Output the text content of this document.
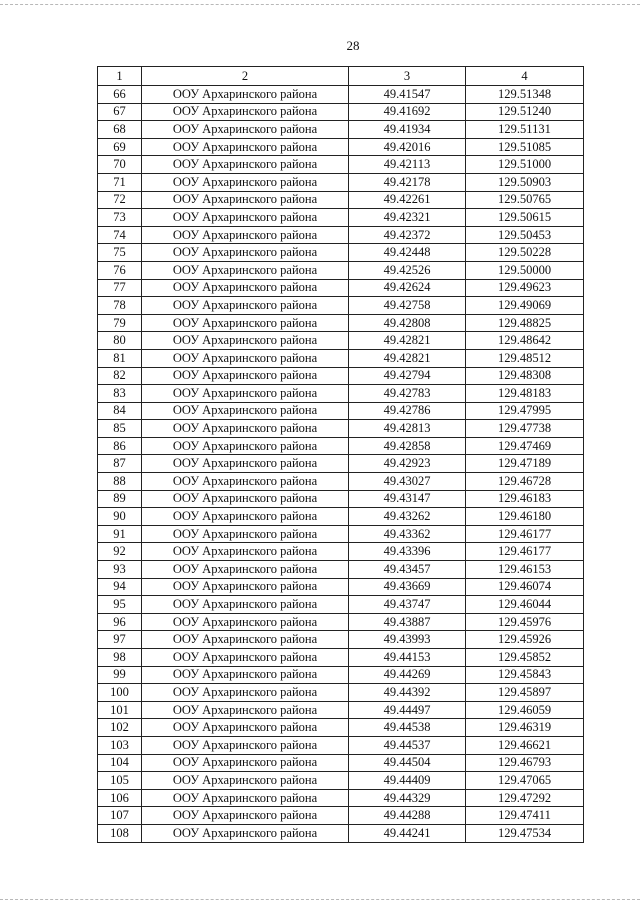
28
1	2	3	4
66	ООУ Архаринского района	49.41547	129.51348
67	ООУ Архаринского района	49.41692	129.51240
68	ООУ Архаринского района	49.41934	129.51131
69	ООУ Архаринского района	49.42016	129.51085
70	ООУ Архаринского района	49.42113	129.51000
71	ООУ Архаринского района	49.42178	129.50903
72	ООУ Архаринского района	49.42261	129.50765
73	ООУ Архаринского района	49.42321	129.50615
74	ООУ Архаринского района	49.42372	129.50453
75	ООУ Архаринского района	49.42448	129.50228
76	ООУ Архаринского района	49.42526	129.50000
77	ООУ Архаринского района	49.42624	129.49623
78	ООУ Архаринского района	49.42758	129.49069
79	ООУ Архаринского района	49.42808	129.48825
80	ООУ Архаринского района	49.42821	129.48642
81	ООУ Архаринского района	49.42821	129.48512
82	ООУ Архаринского района	49.42794	129.48308
83	ООУ Архаринского района	49.42783	129.48183
84	ООУ Архаринского района	49.42786	129.47995
85	ООУ Архаринского района	49.42813	129.47738
86	ООУ Архаринского района	49.42858	129.47469
87	ООУ Архаринского района	49.42923	129.47189
88	ООУ Архаринского района	49.43027	129.46728
89	ООУ Архаринского района	49.43147	129.46183
90	ООУ Архаринского района	49.43262	129.46180
91	ООУ Архаринского района	49.43362	129.46177
92	ООУ Архаринского района	49.43396	129.46177
93	ООУ Архаринского района	49.43457	129.46153
94	ООУ Архаринского района	49.43669	129.46074
95	ООУ Архаринского района	49.43747	129.46044
96	ООУ Архаринского района	49.43887	129.45976
97	ООУ Архаринского района	49.43993	129.45926
98	ООУ Архаринского района	49.44153	129.45852
99	ООУ Архаринского района	49.44269	129.45843
100	ООУ Архаринского района	49.44392	129.45897
101	ООУ Архаринского района	49.44497	129.46059
102	ООУ Архаринского района	49.44538	129.46319
103	ООУ Архаринского района	49.44537	129.46621
104	ООУ Архаринского района	49.44504	129.46793
105	ООУ Архаринского района	49.44409	129.47065
106	ООУ Архаринского района	49.44329	129.47292
107	ООУ Архаринского района	49.44288	129.47411
108	ООУ Архаринского района	49.44241	129.47534
